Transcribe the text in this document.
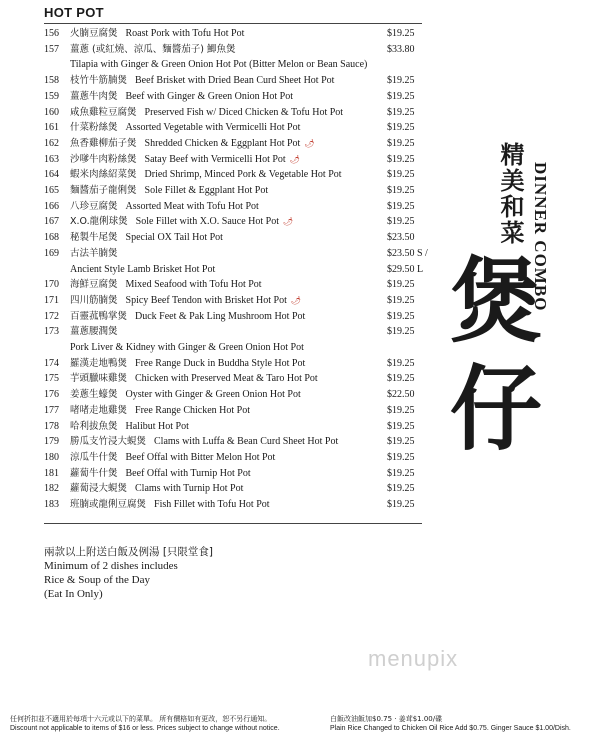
HOT POT
156	火腩豆腐煲 Roast Pork with Tofu Hot Pot	$19.25
157	薑蔥 (或紅燒、涼瓜、麵醬茄子) 鯽魚煲
Tilapia with Ginger & Green Onion Hot Pot (Bitter Melon or Bean Sauce)
$33.80
158	枝竹牛筋腩煲 Beef Brisket with Dried Bean Curd Sheet Hot Pot	$19.25
159	薑蔥牛肉煲 Beef with Ginger & Green Onion Hot Pot	$19.25
160	咸魚雞粒豆腐煲 Preserved Fish w/ Diced Chicken & Tofu Hot Pot	$19.25
161	什菜粉絲煲 Assorted Vegetable with Vermicelli Hot Pot	$19.25
162	魚香雞柳茄子煲 Shredded Chicken & Eggplant Hot Pot 🌶	$19.25
163	沙嗲牛肉粉絲煲 Satay Beef with Vermicelli Hot Pot 🌶	$19.25
164	蝦米肉絲紹菜煲 Dried Shrimp, Minced Pork & Vegetable Hot Pot	$19.25
165	麵醬茄子龍俐煲 Sole Fillet & Eggplant Hot Pot	$19.25
166	八珍豆腐煲 Assorted Meat with Tofu Hot Pot	$19.25
167	X.O.龍俐球煲 Sole Fillet with X.O. Sauce Hot Pot 🌶	$19.25
168	秘製牛尾煲 Special OX Tail Hot Pot	$23.50
169	古法羊腩煲
Ancient Style Lamb Brisket Hot Pot
$23.50 S /
$29.50 L
170	海鮮豆腐煲 Mixed Seafood with Tofu Hot Pot	$19.25
171	四川筋腩煲 Spicy Beef Tendon with Brisket Hot Pot 🌶	$19.25
172	百靈菰鴨掌煲 Duck Feet & Pak Ling Mushroom Hot Pot	$19.25
173	薑蔥腰潤煲
Pork Liver & Kidney with Ginger & Green Onion Hot Pot
$19.25
174	羅漢走地鴨煲 Free Range Duck in Buddha Style Hot Pot	$19.25
175	芋頭臘味雞煲 Chicken with Preserved Meat & Taro Hot Pot	$19.25
176	姜蔥生蠔煲 Oyster with Ginger & Green Onion Hot Pot	$22.50
177	啫啫走地雞煲 Free Range Chicken Hot Pot	$19.25
178	哈利拔魚煲 Halibut Hot Pot	$19.25
179	勝瓜支竹浸大蜆煲 Clams with Luffa & Bean Curd Sheet Hot Pot	$19.25
180	涼瓜牛什煲 Beef Offal with Bitter Melon Hot Pot	$19.25
181	蘿蔔牛什煲 Beef Offal with Turnip Hot Pot	$19.25
182	蘿蔔浸大蜆煲 Clams with Turnip Hot Pot	$19.25
183	班腩或龍俐豆腐煲 Fish Fillet with Tofu Hot Pot	$19.25
兩款以上附送白飯及例湯 [只限堂食]
Minimum of 2 dishes includes
Rice & Soup of the Day
(Eat In Only)
DINNER COMBO
精美和菜
煲
仔
menupix
任何折扣並不適用於每項十六元或以下的菜單。 所有價格如有更改，恕不另行通知。
Discount not applicable to items of $16 or less. Prices subject to change without notice.
白飯改油飯加$0.75 · 姜茸$1.00/碟
Plain Rice Changed to Chicken Oil Rice Add $0.75. Ginger Sauce $1.00/Dish.
